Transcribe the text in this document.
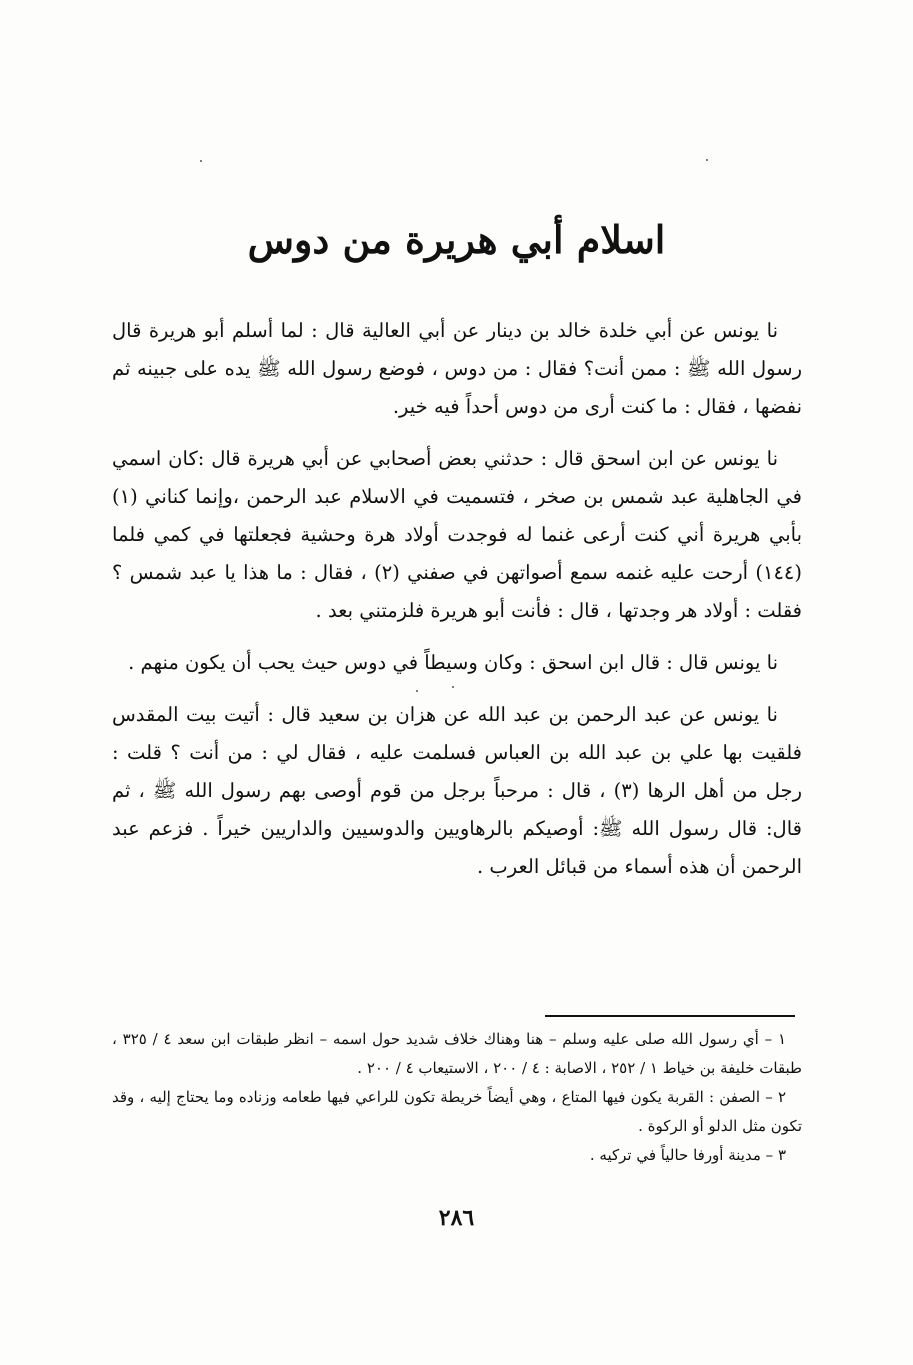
اسلام أبي هريرة من دوس

نا يونس عن أبي خلدة خالد بن دينار عن أبي العالية قال : لما أسلم أبو هريرة قال رسول الله ﷺ : ممن أنت؟ فقال : من دوس ، فوضع رسول الله ﷺ يده على جبينه ثم نفضها ، فقال : ما كنت أرى من دوس أحداً فيه خير.

نا يونس عن ابن اسحق قال : حدثني بعض أصحابي عن أبي هريرة قال :كان اسمي في الجاهلية عبد شمس بن صخر ، فتسميت في الاسلام عبد الرحمن ،وإنما كناني (١) بأبي هريرة أني كنت أرعى غنما له فوجدت أولاد هرة وحشية فجعلتها في كمي فلما (١٤٤) أرحت عليه غنمه سمع أصواتهن في صفني (٢) ، فقال : ما هذا يا عبد شمس ؟ فقلت : أولاد هر وجدتها ، قال : فأنت أبو هريرة فلزمتني بعد .

نا يونس قال : قال ابن اسحق : وكان وسيطاً في دوس حيث يحب أن يكون منهم .

نا يونس عن عبد الرحمن بن عبد الله عن هزان بن سعيد قال : أتيت بيت المقدس فلقيت بها علي بن عبد الله بن العباس فسلمت عليه ، فقال لي : من أنت ؟ قلت : رجل من أهل الرها (٣) ، قال : مرحباً برجل من قوم أوصى بهم رسول الله ﷺ ، ثم قال: قال رسول الله ﷺ: أوصيكم بالرهاويين والدوسيين والداريين خيراً . فزعم عبد الرحمن أن هذه أسماء من قبائل العرب .

١ – أي رسول الله صلى عليه وسلم – هنا وهناك خلاف شديد حول اسمه – انظر طبقات ابن سعد ٤ / ٣٢٥ ، طبقات خليفة بن خياط ١ / ٢٥٢ ، الاصابة : ٤ / ٢٠٠ ، الاستيعاب ٤ / ٢٠٠ .

٢ – الصفن : القربة يكون فيها المتاع ، وهي أيضاً خريطة تكون للراعي فيها طعامه وزناده وما يحتاج إليه ، وقد تكون مثل الدلو أو الركوة .

٣ – مدينة أورفا حالياً في تركيه .

٢٨٦
